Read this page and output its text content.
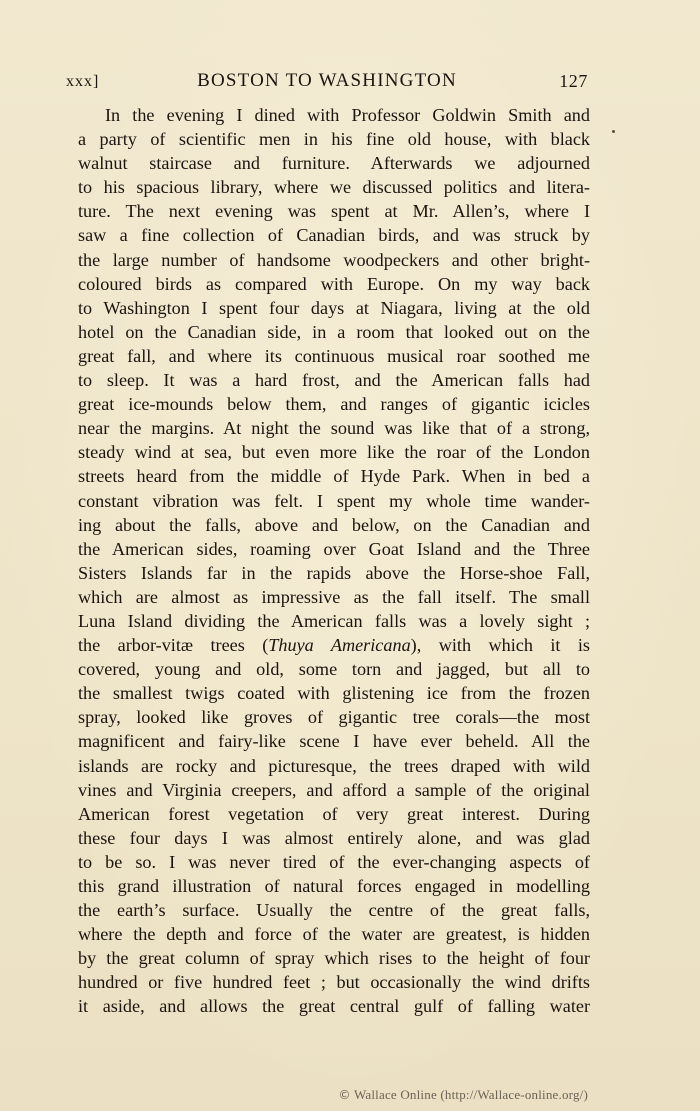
xxx]	BOSTON TO WASHINGTON	127
In the evening I dined with Professor Goldwin Smith and
a party of scientific men in his fine old house, with black
walnut staircase and furniture. Afterwards we adjourned
to his spacious library, where we discussed politics and litera-
ture. The next evening was spent at Mr. Allen’s, where I
saw a fine collection of Canadian birds, and was struck by
the large number of handsome woodpeckers and other bright-
coloured birds as compared with Europe. On my way back
to Washington I spent four days at Niagara, living at the old
hotel on the Canadian side, in a room that looked out on the
great fall, and where its continuous musical roar soothed me
to sleep. It was a hard frost, and the American falls had
great ice-mounds below them, and ranges of gigantic icicles
near the margins. At night the sound was like that of a strong,
steady wind at sea, but even more like the roar of the London
streets heard from the middle of Hyde Park. When in bed a
constant vibration was felt. I spent my whole time wander-
ing about the falls, above and below, on the Canadian and
the American sides, roaming over Goat Island and the Three
Sisters Islands far in the rapids above the Horse-shoe Fall,
which are almost as impressive as the fall itself. The small
Luna Island dividing the American falls was a lovely sight ;
the arbor-vitæ trees (Thuya Americana), with which it is
covered, young and old, some torn and jagged, but all to
the smallest twigs coated with glistening ice from the frozen
spray, looked like groves of gigantic tree corals—the most
magnificent and fairy-like scene I have ever beheld. All the
islands are rocky and picturesque, the trees draped with wild
vines and Virginia creepers, and afford a sample of the original
American forest vegetation of very great interest. During
these four days I was almost entirely alone, and was glad
to be so. I was never tired of the ever-changing aspects of
this grand illustration of natural forces engaged in modelling
the earth’s surface. Usually the centre of the great falls,
where the depth and force of the water are greatest, is hidden
by the great column of spray which rises to the height of four
hundred or five hundred feet ; but occasionally the wind drifts
it aside, and allows the great central gulf of falling water
© Wallace Online (http://Wallace-online.org/)
